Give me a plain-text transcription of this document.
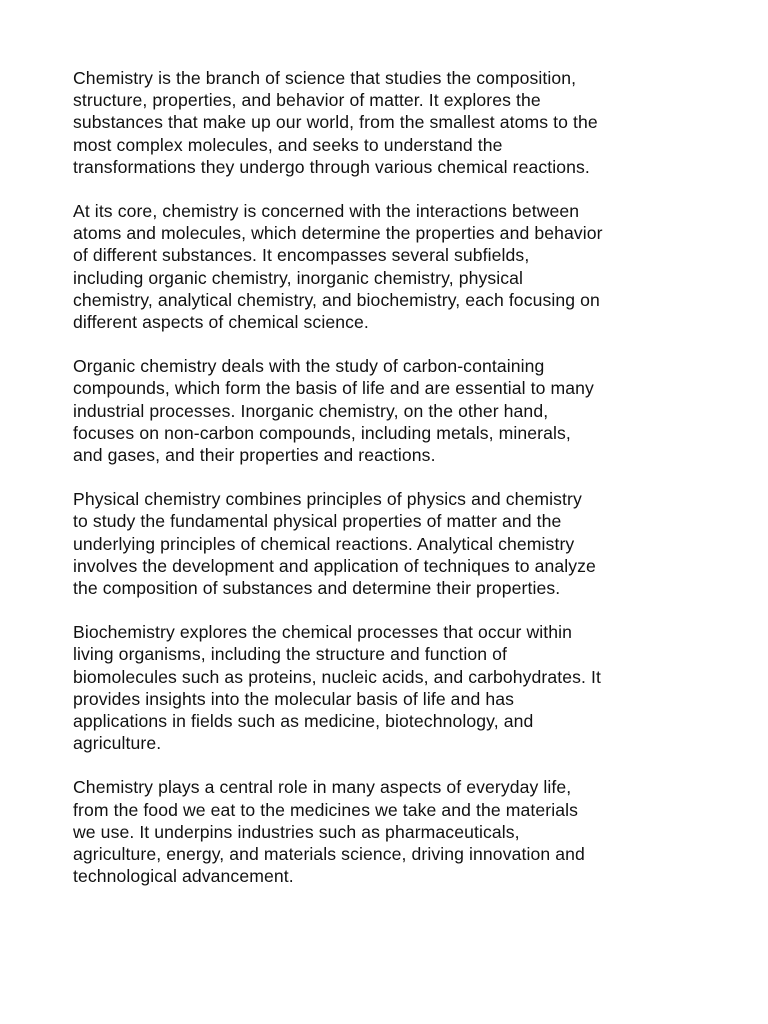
Chemistry is the branch of science that studies the composition,
structure, properties, and behavior of matter. It explores the
substances that make up our world, from the smallest atoms to the
most complex molecules, and seeks to understand the
transformations they undergo through various chemical reactions.

At its core, chemistry is concerned with the interactions between
atoms and molecules, which determine the properties and behavior
of different substances. It encompasses several subfields,
including organic chemistry, inorganic chemistry, physical
chemistry, analytical chemistry, and biochemistry, each focusing on
different aspects of chemical science.

Organic chemistry deals with the study of carbon-containing
compounds, which form the basis of life and are essential to many
industrial processes. Inorganic chemistry, on the other hand,
focuses on non-carbon compounds, including metals, minerals,
and gases, and their properties and reactions.

Physical chemistry combines principles of physics and chemistry
to study the fundamental physical properties of matter and the
underlying principles of chemical reactions. Analytical chemistry
involves the development and application of techniques to analyze
the composition of substances and determine their properties.

Biochemistry explores the chemical processes that occur within
living organisms, including the structure and function of
biomolecules such as proteins, nucleic acids, and carbohydrates. It
provides insights into the molecular basis of life and has
applications in fields such as medicine, biotechnology, and
agriculture.

Chemistry plays a central role in many aspects of everyday life,
from the food we eat to the medicines we take and the materials
we use. It underpins industries such as pharmaceuticals,
agriculture, energy, and materials science, driving innovation and
technological advancement.
